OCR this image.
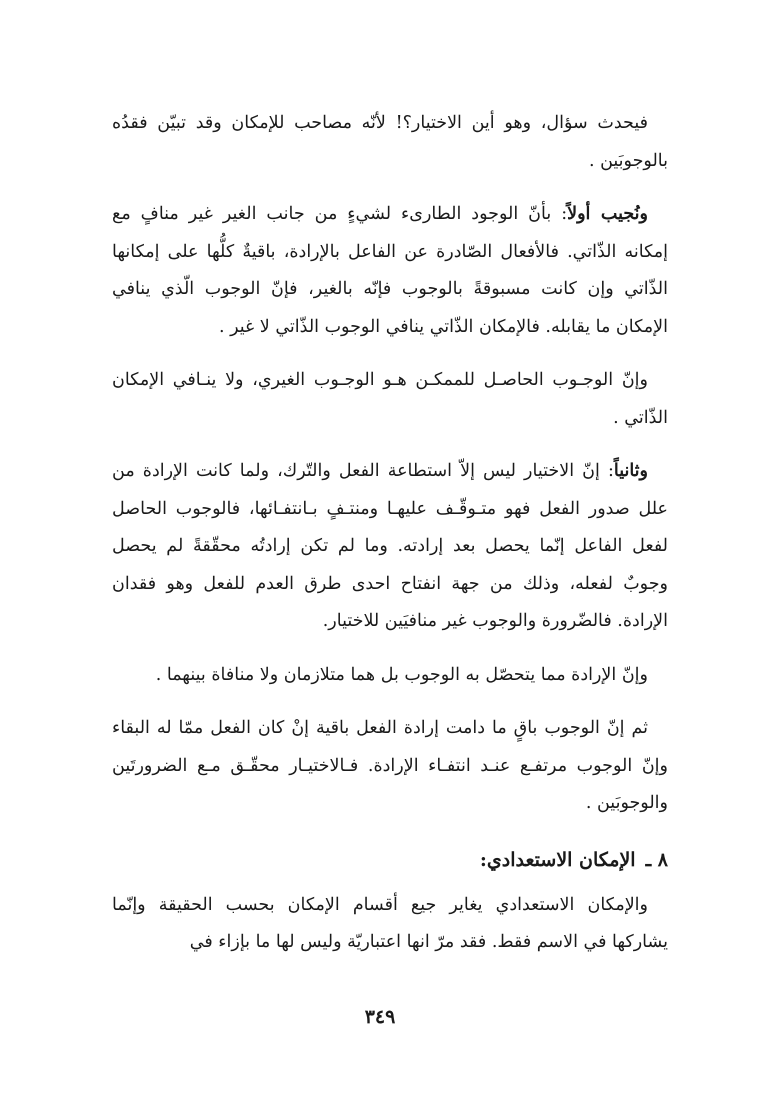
فيحدث سؤال، وهو أين الاختيار؟! لأنّه مصاحب للإمكان وقد تبيّن فقدُه بالوجوبَين .

ونُجيب أولاً: بأنّ الوجود الطارىء لشيءٍ من جانب الغير غير منافٍ مع إمكانه الذّاتي. فالأفعال الصّادرة عن الفاعل بالإرادة، باقيةٌ كلُّها على إمكانها الذّاتي وإن كانت مسبوقةً بالوجوب فإنّه بالغير، فإنّ الوجوب الّذي ينافي الإمكان ما يقابله. فالإمكان الذّاتي ينافي الوجوب الذّاتي لا غير .

وإنّ الوجـوب الحاصـل للممكـن هـو الوجـوب الغيري، ولا ينـافي الإمكان الذّاتي .

وثانياً: إنّ الاختيار ليس إلاّ استطاعة الفعل والتّرك، ولما كانت الإرادة من علل صدور الفعل فهو متـوقّـف عليهـا ومنتـفٍ بـانتفـائها، فالوجوب الحاصل لفعل الفاعل إنّما يحصل بعد إرادته. وما لم تكن إرادتُه محقّقةً لم يحصل وجوبٌ لفعله، وذلك من جهة انفتاح احدى طرق العدم للفعل وهو فقدان الإرادة. فالضّرورة والوجوب غير منافيَين للاختيار.

وإنّ الإرادة مما يتحصّل به الوجوب بل هما متلازمان ولا منافاة بينهما .

ثم إنّ الوجوب باقٍ ما دامت إرادة الفعل باقية إنْ كان الفعل ممّا له البقاء وإنّ الوجوب مرتفـع عنـد انتفـاء الإرادة. فـالاختيـار محقّـق مـع الضرورتَين والوجوبَين .

٨ ـ
الإمكان الاستعدادي:

والإمكان الاستعدادي يغاير جيع أقسام الإمكان بحسب الحقيقة وإنّما يشاركها في الاسم فقط. فقد مرّ انها اعتباريّة وليس لها ما بإزاء في

٣٤٩
